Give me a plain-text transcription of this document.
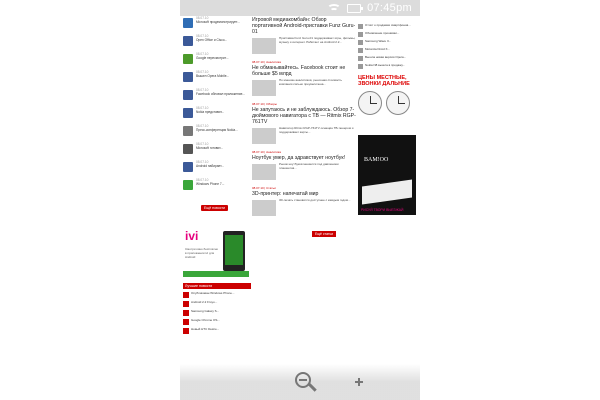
07:45pm
08.07.10
Microsoft продемонстрирует...
08.07.10
Open Office и Cisco...
08.07.10
Google пересмотрит...
08.07.10
Вышел Opera Mobile...
08.07.10
Facebook обновил приложение...
08.07.10
Nokia представит...
08.07.10
Пресс-конференция Nokia...
08.07.10
Microsoft готовит...
08.07.10
Android набирает...
08.07.10
Windows Phone 7...
Ещё новости
ivi
Смотри кино бесплатно в приложении ivi для Android
Лучшие новости
Опубликован Windows Phone...
Android 2.2 Froyo...
Samsung Galaxy S...
Google Chrome OS...
Новый HTC Desire...
Игровой медиакомбайн: Обзор портативной Android-приставки Funz Guru-01
Приставка Funz Guru-01 поддерживает игры, фильмы, музыку и интернет. Работает на Android 2.2...
08.07.10 | Аналитика
Не обманывайтесь. Facebook стоит не больше $5 млрд
По мнению аналитиков, рыночная стоимость компании сильно преувеличена...
08.07.10 | Обзоры
Не запутаюсь и не заблуждаюсь. Обзор 7-дюймового навигатора с ТВ — Ritmix RGP-761TV
Навигатор Ritmix RGP-761TV оснащён ТВ-тюнером и поддерживает карты...
08.07.10 | Аналитика
Ноутбук умер, да здравствует ноутбук!
Рынок ноутбуков меняется под давлением планшетов...
08.07.10 | Статьи
3D-принтер: напечатай мир
3D-печать становится доступнее с каждым годом...
Ещё статьи
Отчёт о продажах смартфонов...
Обновление прошивки...
Samsung Wave II...
Motorola Droid X...
Вышла новая версия Opera...
Nokia N8 вышла в продажу...
ЦЕНЫ МЕСТНЫЕ, ЗВОНКИ ДАЛЬНИЕ
BAM!OO
РИСУЙ ТВОРИ ВЫЕЗЖАЙ
